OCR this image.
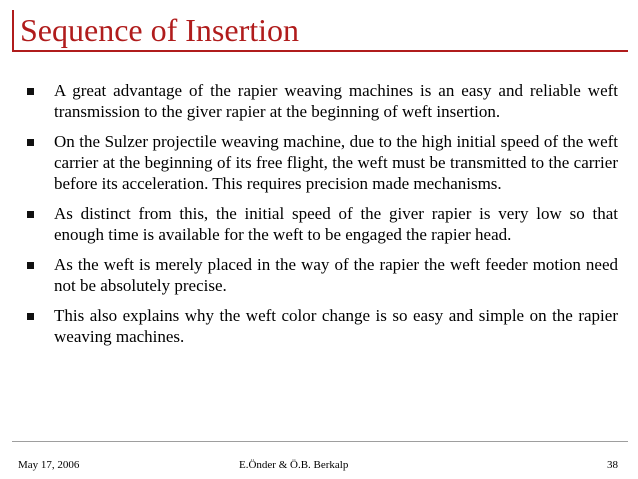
Sequence of Insertion
A great advantage of the rapier weaving machines is an easy and reliable weft transmission to the giver rapier at the beginning of weft insertion.
On the Sulzer projectile weaving machine, due to the high initial speed of the weft carrier at the beginning of its free flight, the weft must be transmitted to the carrier before its acceleration. This requires precision made mechanisms.
As distinct from this, the initial speed of the giver rapier is very low so that enough time is available for the weft to be engaged the rapier head.
As the weft is merely placed in the way of the rapier the weft feeder motion need not be absolutely precise.
This also explains why the weft color change is so easy and simple on the rapier weaving machines.
May 17, 2006	E.Önder & Ö.B. Berkalp	38
